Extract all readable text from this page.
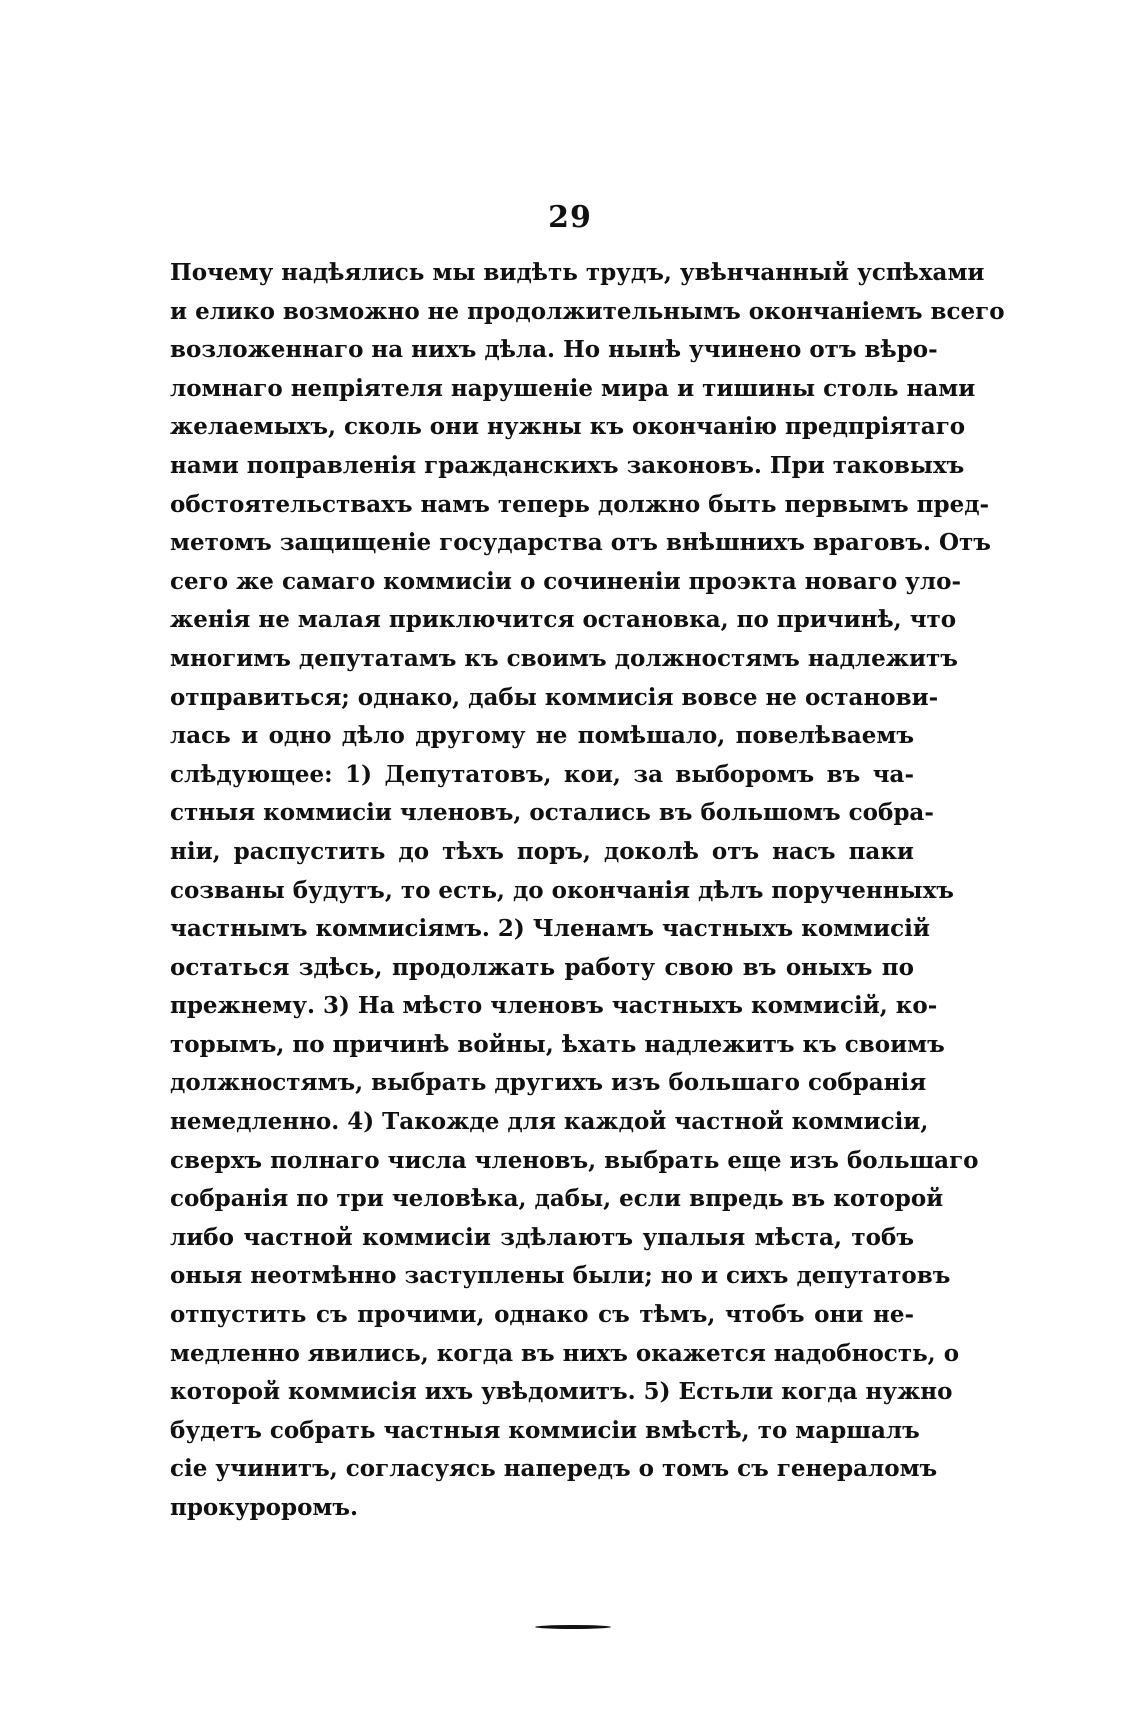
29
Почему надѣялись мы видѣть трудъ, увѣнчанный успѣхами
и елико возможно не продолжительнымъ окончаніемъ всего
возложеннаго на нихъ дѣла. Но нынѣ учинено отъ вѣро-
ломнаго непріятеля нарушеніе мира и тишины столь нами
желаемыхъ, сколь они нужны къ окончанію предпріятаго
нами поправленія гражданскихъ законовъ. При таковыхъ
обстоятельствахъ намъ теперь должно быть первымъ пред-
метомъ защищеніе государства отъ внѣшнихъ враговъ. Отъ
сего же самаго коммисіи о сочиненіи проэкта новаго уло-
женія не малая приключится остановка, по причинѣ, что
многимъ депутатамъ къ своимъ должностямъ надлежитъ
отправиться; однако, дабы коммисія вовсе не останови-
лась и одно дѣло другому не помѣшало, повелѣваемъ
слѣдующее: 1) Депутатовъ, кои, за выборомъ въ ча-
стныя коммисіи членовъ, остались въ большомъ собра-
ніи, распустить до тѣхъ поръ, доколѣ отъ насъ паки
созваны будутъ, то есть, до окончанія дѣлъ порученныхъ
частнымъ коммисіямъ. 2) Членамъ частныхъ коммисій
остаться здѣсь, продолжать работу свою въ оныхъ по
прежнему. 3) На мѣсто членовъ частныхъ коммисій, ко-
торымъ, по причинѣ войны, ѣхать надлежитъ къ своимъ
должностямъ, выбрать другихъ изъ большаго собранія
немедленно. 4) Такожде для каждой частной коммисіи,
сверхъ полнаго числа членовъ, выбрать еще изъ большаго
собранія по три человѣка, дабы, если впредь въ которой
либо частной коммисіи здѣлаютъ упалыя мѣста, тобъ
оныя неотмѣнно заступлены были; но и сихъ депутатовъ
отпустить съ прочими, однако съ тѣмъ, чтобъ они не-
медленно явились, когда въ нихъ окажется надобность, о
которой коммисія ихъ увѣдомитъ. 5) Естьли когда нужно
будетъ собрать частныя коммисіи вмѣстѣ, то маршалъ
сіе учинитъ, согласуясь напередъ о томъ съ генераломъ
прокуроромъ.
